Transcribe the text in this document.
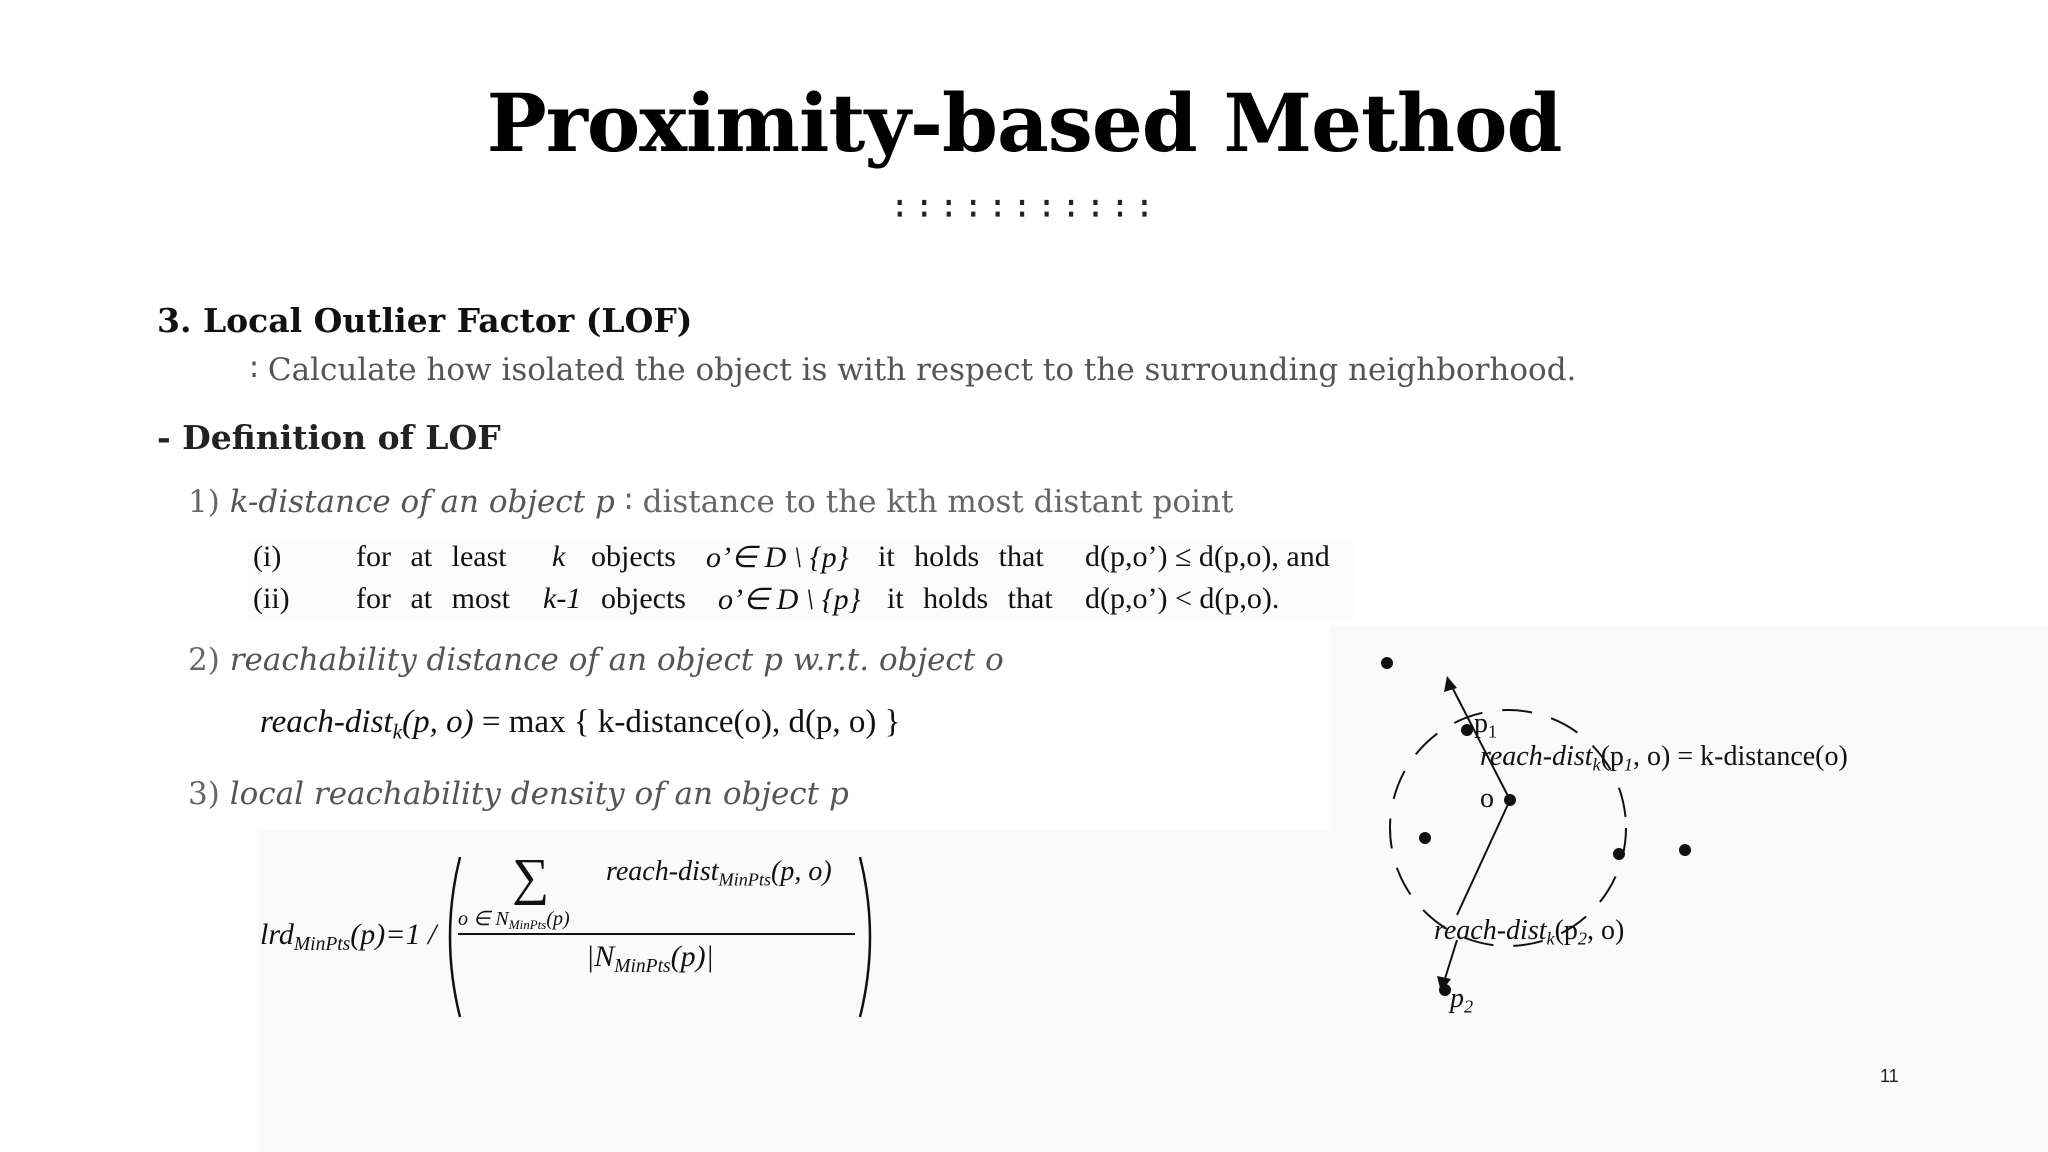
Proximity-based Method
∶∶∶∶∶∶∶∶∶∶∶
3. Local Outlier Factor (LOF)
∶ Calculate how isolated the object is with respect to the surrounding neighborhood.
- Definition of LOF
1) k-distance of an object p ∶ distance to the kth most distant point
(i) for at least k objects o’∈ D \ {p} it holds that d(p,o’) ≤ d(p,o), and
(ii) for at most k-1 objects o’∈ D \ {p} it holds that d(p,o’) < d(p,o).
2) reachability distance of an object p w.r.t. object o
reach-dist$_k$(p, o) = max { k-distance(o), d(p, o) }
3) local reachability density of an object p
lrd$_{MinPts}$(p)=1 /
∑
o ∈ $N_{MinPts}(p)$
reach-dist$_{MinPts}$(p, o)
$|N_{MinPts}(p)|$
$p_1$
o
$p_2$
reach-$dist_k(p_1$, o) = k-distance(o)
reach-$dist_k(p_2$, o)
11
